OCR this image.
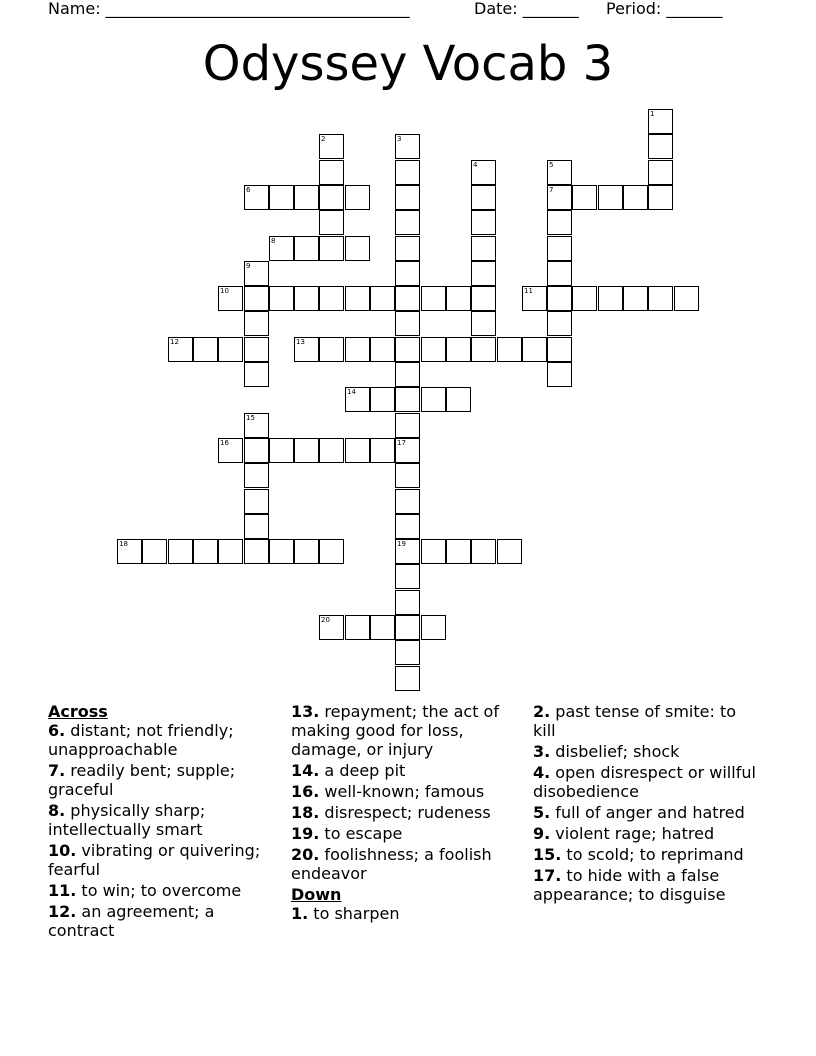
Name: ______________________________________	Date: _______ Period: _______
Odyssey Vocab 3
1
2	3
4	5
7
6
8
9
10	11
12	13
14
15
16	17
19
18
20
Across
6. distant; not friendly; unapproachable
7. readily bent; supple; graceful
8. physically sharp; intellectually smart
10. vibrating or quivering; fearful
11. to win; to overcome
12. an agreement; a contract
13. repayment; the act of making good for loss, damage, or injury
14. a deep pit
16. well-known; famous
18. disrespect; rudeness
19. to escape
20. foolishness; a foolish endeavor
Down
1. to sharpen
2. past tense of smite: to kill
3. disbelief; shock
4. open disrespect or willful disobedience
5. full of anger and hatred
9. violent rage; hatred
15. to scold; to reprimand
17. to hide with a false appearance; to disguise
